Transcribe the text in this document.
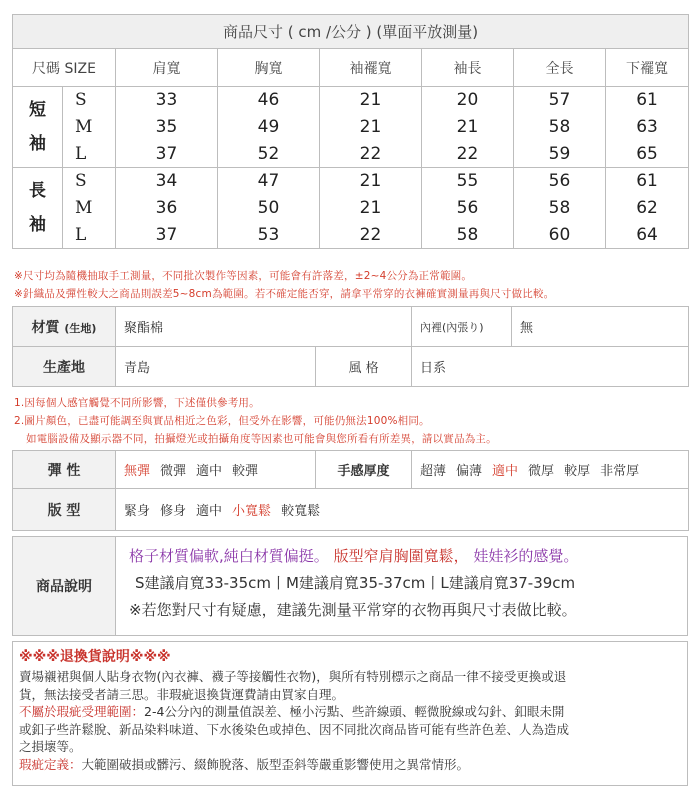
商品尺寸 ( cm /公分 ) (單面平放測量)							
尺碼 SIZE		肩寬	胸寬	袖襬寬	袖長	全長	下襬寬

短袖	S	33	46	21	20	57	61
	M	35	49	21	21	58	63
	L	37	52	22	22	59	65

長袖	S	34	47	21	55	56	61
	M	36	50	21	56	58	62
	L	37	53	22	58	60	64
※尺寸均為隨機抽取手工測量，不同批次製作等因素，可能會有許落差，±2~4公分為正常範圍。
※針織品及彈性較大之商品則誤差5~8cm為範圍。若不確定能否穿，請拿平常穿的衣褲確實測量再與尺寸做比較。
材質 (生地)	聚酯棉		內裡(內張り)	無
生產地	青島	風 格	日系	
1.因每個人感官觸覺不同所影響，下述僅供參考用。
2.圖片顏色，已盡可能調至與實品相近之色彩，但受外在影響，可能仍無法100%相同。
如電腦設備及顯示器不同，拍攝燈光或拍攝角度等因素也可能會與您所看有所差異，請以實品為主。
彈 性	無彈 微彈 適中 較彈	手感厚度	超薄 偏薄 適中 微厚 較厚 非常厚
版 型	緊身 修身 適中 小寬鬆 較寬鬆		
商品說明
格子材質偏軟,純白材質偏挺。 版型窄肩胸圍寬鬆， 娃娃衫的感覺。
S建議肩寬33-35cm丨M建議肩寬35-37cm丨L建議肩寬37-39cm
※若您對尺寸有疑慮，建議先測量平常穿的衣物再與尺寸表做比較。
※※※退換貨說明※※※
賣場襯裙與個人貼身衣物(內衣褲、襪子等接觸性衣物)，與所有特別標示之商品一律不接受更換或退
貨，無法接受者請三思。非瑕疵退換貨運費請由買家自理。
不屬於瑕疵受理範圍：2-4公分內的測量值誤差、極小污點、些許線頭、輕微脫線或勾針、釦眼未開
或釦子些許鬆脫、新品染料味道、下水後染色或掉色、因不同批次商品皆可能有些許色差、人為造成
之損壞等。
瑕疵定義：大範圍破損或髒污、綴飾脫落、版型歪斜等嚴重影響使用之異常情形。
